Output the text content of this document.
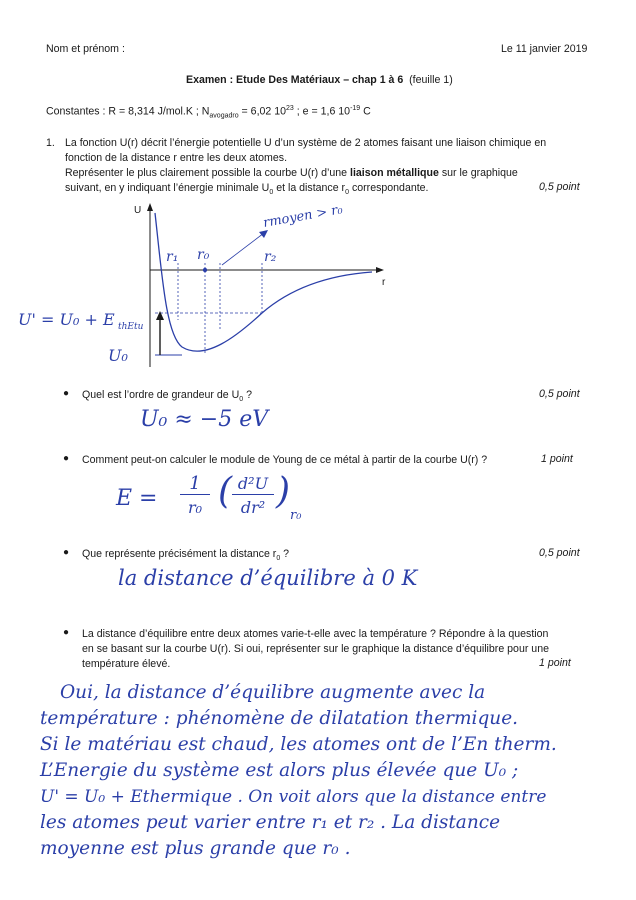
Nom et prénom :	Le 11 janvier 2019
Examen : Etude Des Matériaux – chap 1 à 6 (feuille 1)
Constantes : R = 8,314 J/mol.K ; $N_{avogadro} = 6,02$ $10^{23}$ ; e = 1,6 $10^{-19}$ C
1. La fonction U(r) décrit l’énergie potentielle U d’un système de 2 atomes faisant une liaison chimique en
fonction de la distance r entre les deux atomes.
Représenter le plus clairement possible la courbe U(r) d’une liaison métallique sur le graphique
suivant, en y indiquant l’énergie minimale $U_0$ et la distance $r_0$ correspondante.	0,5 point
U
r
r₁ r₀	r₂
rmoyen > r₀
U' = U₀ + E thEtu
U₀
● Quel est l’ordre de grandeur de $U_0$ ?	0,5 point
U₀ ≈ −5 eV
● Comment peut-on calculer le module de Young de ce métal à partir de la courbe U(r) ?	1 point
E =
1
r₀ ( d²U
dr² )
r₀
● Que représente précisément la distance $r_0$ ?	0,5 point
la distance d’équilibre à 0 K
● La distance d’équilibre entre deux atomes varie-t-elle avec la température ? Répondre à la question
en se basant sur la courbe U(r). Si oui, représenter sur le graphique la distance d’équilibre pour une
température élevé.	1 point
Oui, la distance d’équilibre augmente avec la
température : phénomène de dilatation thermique.
Si le matériau est chaud, les atomes ont de l’En therm.
L’Energie du système est alors plus élevée que U₀ ;
U' = U₀ + Ethermique . On voit alors que la distance entre
les atomes peut varier entre r₁ et r₂ . La distance
moyenne est plus grande que r₀ .
